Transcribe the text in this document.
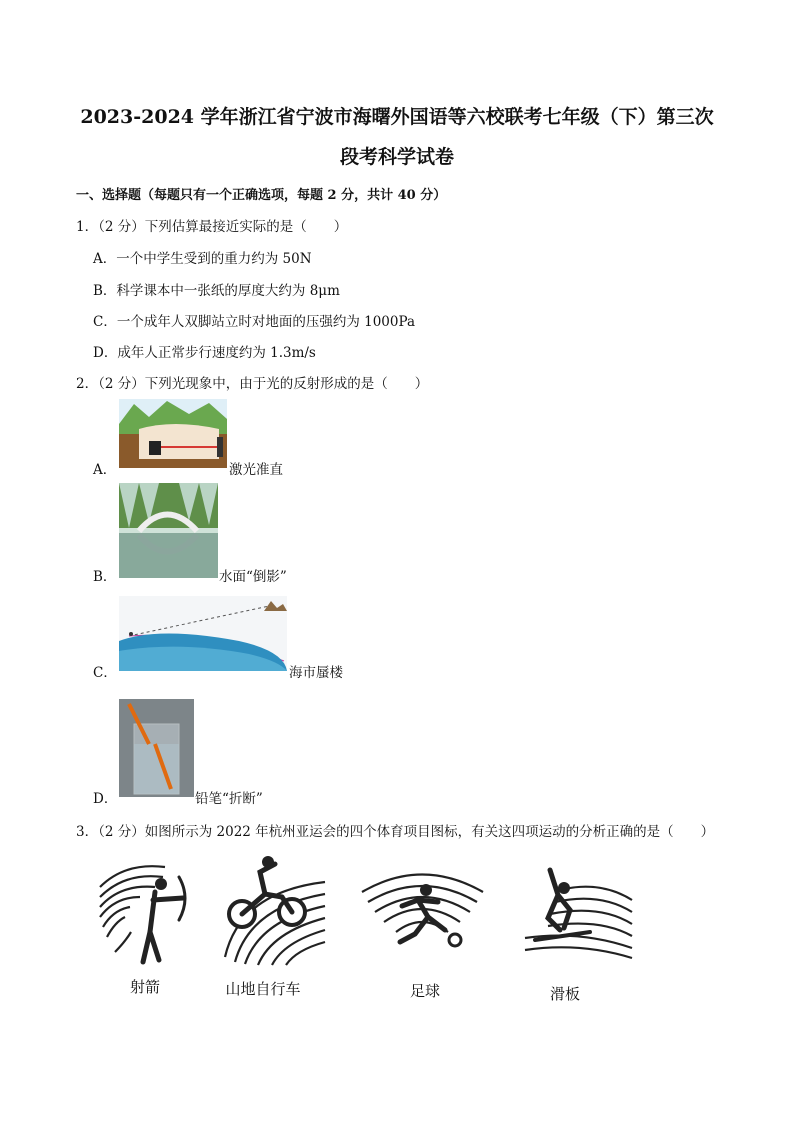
2023-2024 学年浙江省宁波市海曙外国语等六校联考七年级（下）第三次
段考科学试卷
一、选择题（每题只有一个正确选项，每题 2 分，共计 40 分）
1．（2 分）下列估算最接近实际的是（　　）
A．一个中学生受到的重力约为 50N
B．科学课本中一张纸的厚度大约为 8μm
C．一个成年人双脚站立时对地面的压强约为 1000Pa
D．成年人正常步行速度约为 1.3m/s
2．（2 分）下列光现象中，由于光的反射形成的是（　　）
A．	激光准直
B．	水面“倒影”
C．	海市蜃楼
D．	铅笔“折断”
3．（2 分）如图所示为 2022 年杭州亚运会的四个体育项目图标，有关这四项运动的分析正确的是（　　）
射箭	山地自行车	足球	滑板
